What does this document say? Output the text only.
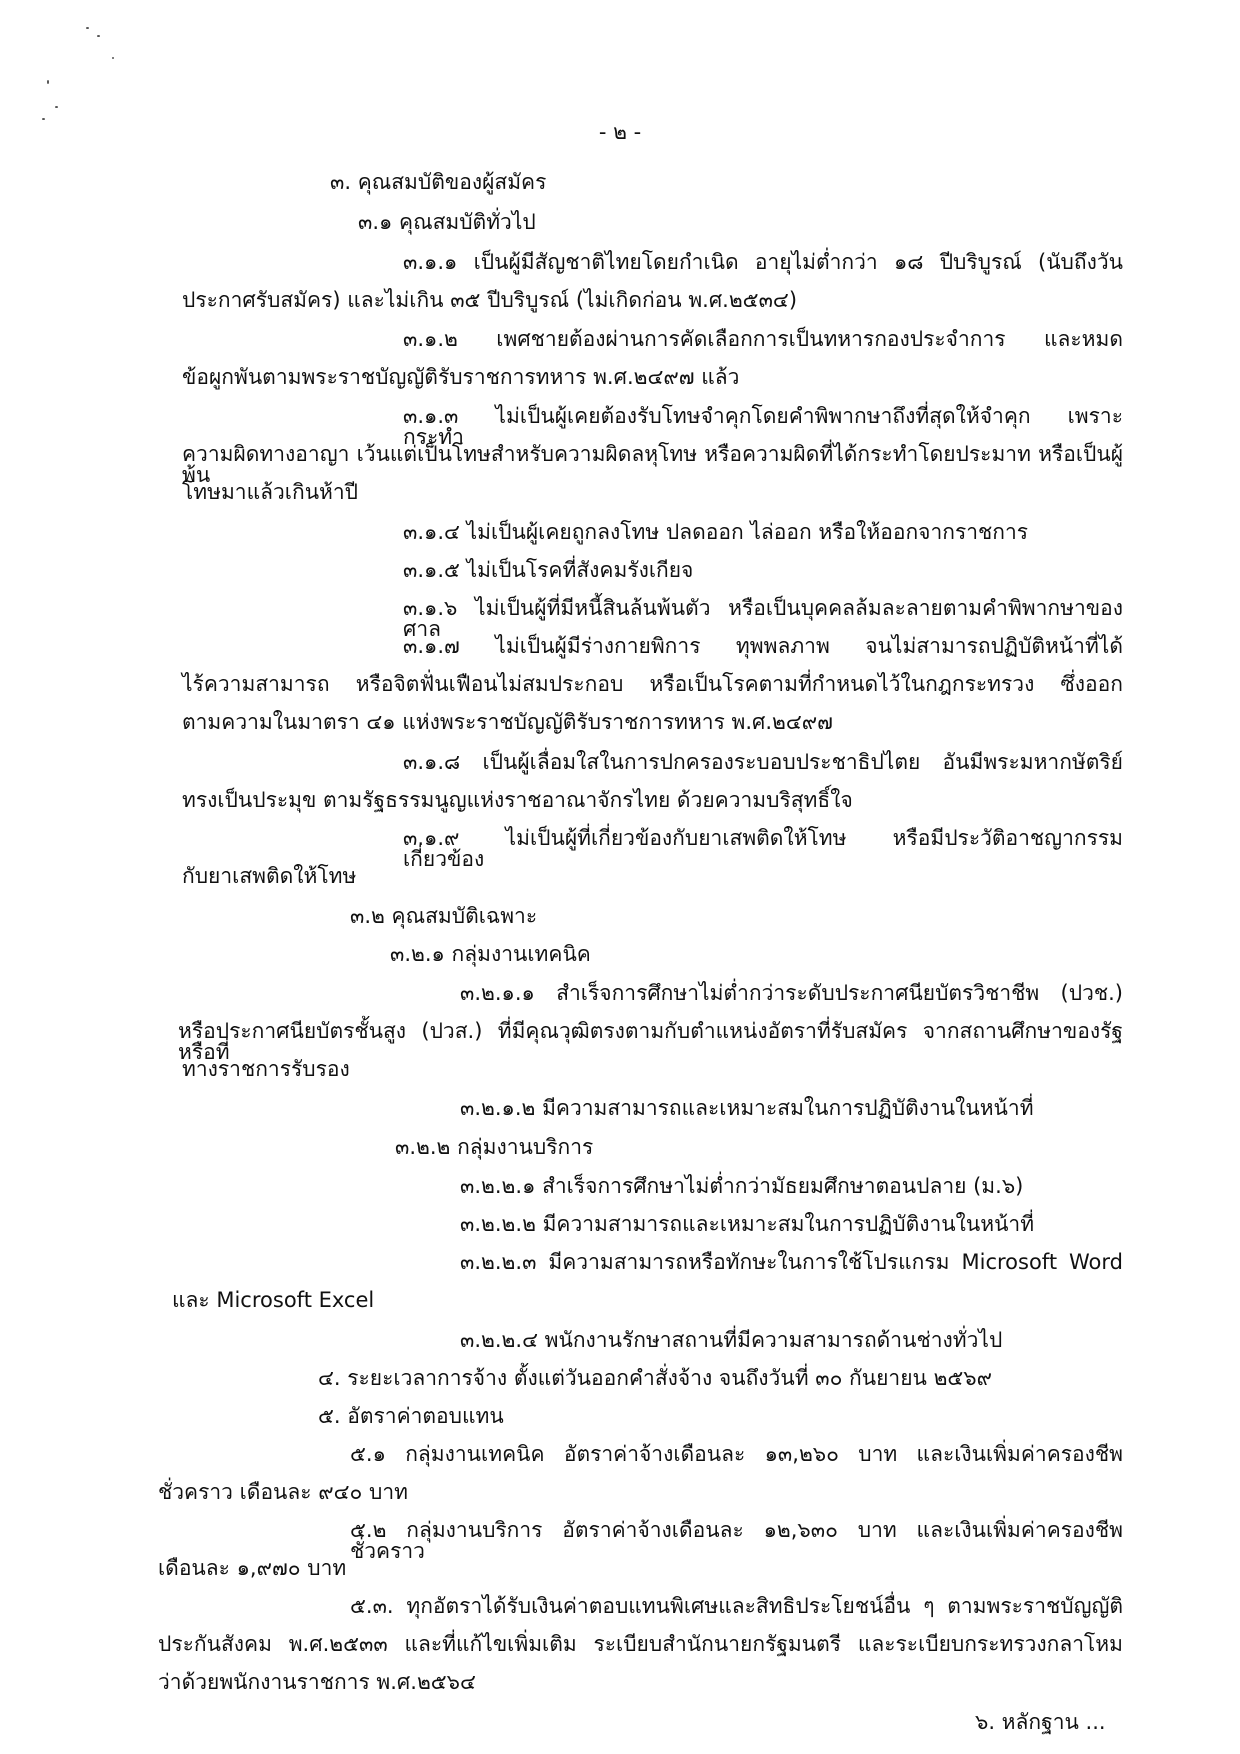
- ๒ -
๓. คุณสมบัติของผู้สมัคร
๓.๑ คุณสมบัติทั่วไป
๓.๑.๑ เป็นผู้มีสัญชาติไทยโดยกำเนิด อายุไม่ต่ำกว่า ๑๘ ปีบริบูรณ์ (นับถึงวัน
ประกาศรับสมัคร) และไม่เกิน ๓๕ ปีบริบูรณ์ (ไม่เกิดก่อน พ.ศ.๒๕๓๔)
๓.๑.๒ เพศชายต้องผ่านการคัดเลือกการเป็นทหารกองประจำการ และหมด
ข้อผูกพันตามพระราชบัญญัติรับราชการทหาร พ.ศ.๒๔๙๗ แล้ว
๓.๑.๓ ไม่เป็นผู้เคยต้องรับโทษจำคุกโดยคำพิพากษาถึงที่สุดให้จำคุก เพราะกระทำ
ความผิดทางอาญา เว้นแต่เป็นโทษสำหรับความผิดลหุโทษ หรือความผิดที่ได้กระทำโดยประมาท หรือเป็นผู้พ้น
โทษมาแล้วเกินห้าปี
๓.๑.๔ ไม่เป็นผู้เคยถูกลงโทษ ปลดออก ไล่ออก หรือให้ออกจากราชการ
๓.๑.๕ ไม่เป็นโรคที่สังคมรังเกียจ
๓.๑.๖ ไม่เป็นผู้ที่มีหนี้สินล้นพ้นตัว หรือเป็นบุคคลล้มละลายตามคำพิพากษาของศาล
๓.๑.๗ ไม่เป็นผู้มีร่างกายพิการ ทุพพลภาพ จนไม่สามารถปฏิบัติหน้าที่ได้
ไร้ความสามารถ หรือจิตฟั่นเฟือนไม่สมประกอบ หรือเป็นโรคตามที่กำหนดไว้ในกฎกระทรวง ซึ่งออก
ตามความในมาตรา ๔๑ แห่งพระราชบัญญัติรับราชการทหาร พ.ศ.๒๔๙๗
๓.๑.๘ เป็นผู้เลื่อมใสในการปกครองระบอบประชาธิปไตย อันมีพระมหากษัตริย์
ทรงเป็นประมุข ตามรัฐธรรมนูญแห่งราชอาณาจักรไทย ด้วยความบริสุทธิ์ใจ
๓.๑.๙ ไม่เป็นผู้ที่เกี่ยวข้องกับยาเสพติดให้โทษ หรือมีประวัติอาชญากรรมเกี่ยวข้อง
กับยาเสพติดให้โทษ
๓.๒ คุณสมบัติเฉพาะ
๓.๒.๑ กลุ่มงานเทคนิค
๓.๒.๑.๑ สำเร็จการศึกษาไม่ต่ำกว่าระดับประกาศนียบัตรวิชาชีพ (ปวช.)
หรือประกาศนียบัตรชั้นสูง (ปวส.) ที่มีคุณวุฒิตรงตามกับตำแหน่งอัตราที่รับสมัคร จากสถานศึกษาของรัฐหรือที่
ทางราชการรับรอง
๓.๒.๑.๒ มีความสามารถและเหมาะสมในการปฏิบัติงานในหน้าที่
๓.๒.๒ กลุ่มงานบริการ
๓.๒.๒.๑ สำเร็จการศึกษาไม่ต่ำกว่ามัธยมศึกษาตอนปลาย (ม.๖)
๓.๒.๒.๒ มีความสามารถและเหมาะสมในการปฏิบัติงานในหน้าที่
๓.๒.๒.๓ มีความสามารถหรือทักษะในการใช้โปรแกรม Microsoft Word
และ Microsoft Excel
๓.๒.๒.๔ พนักงานรักษาสถานที่มีความสามารถด้านช่างทั่วไป
๔. ระยะเวลาการจ้าง ตั้งแต่วันออกคำสั่งจ้าง จนถึงวันที่ ๓๐ กันยายน ๒๕๖๙
๕. อัตราค่าตอบแทน
๕.๑ กลุ่มงานเทคนิค อัตราค่าจ้างเดือนละ ๑๓,๒๖๐ บาท และเงินเพิ่มค่าครองชีพ
ชั่วคราว เดือนละ ๙๔๐ บาท
๕.๒ กลุ่มงานบริการ อัตราค่าจ้างเดือนละ ๑๒,๖๓๐ บาท และเงินเพิ่มค่าครองชีพชั่วคราว
เดือนละ ๑,๙๗๐ บาท
๕.๓. ทุกอัตราได้รับเงินค่าตอบแทนพิเศษและสิทธิประโยชน์อื่น ๆ ตามพระราชบัญญัติ
ประกันสังคม พ.ศ.๒๕๓๓ และที่แก้ไขเพิ่มเติม ระเบียบสำนักนายกรัฐมนตรี และระเบียบกระทรวงกลาโหม
ว่าด้วยพนักงานราชการ พ.ศ.๒๕๖๔
๖. หลักฐาน ...
